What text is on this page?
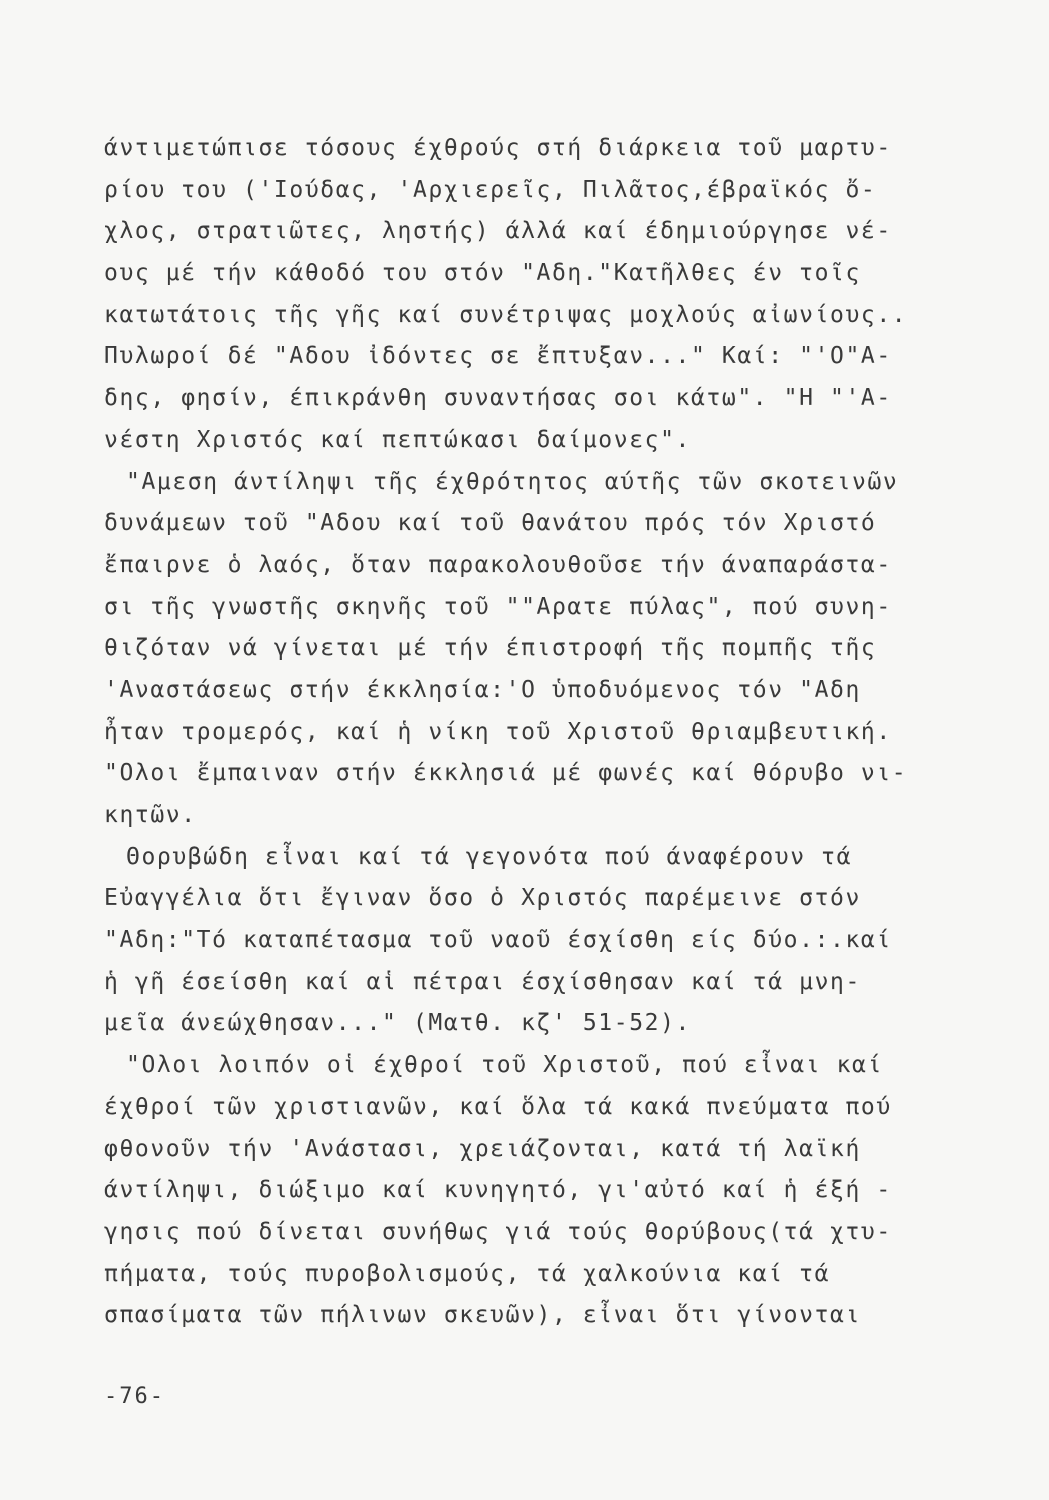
άντιμετώπισε τόσους έχθρούς στή διάρκεια τοῦ μαρτυ-
ρίου του ('Ιούδας, 'Αρχιερεῖς, Πιλᾶτος,έβραϊκός ὄ-
χλος, στρατιῶτες, ληστής) άλλά καί έδημιούργησε νέ-
ους μέ τήν κάθοδό του στόν "Αδη."Κατῆλθες έν τοῖς
κατωτάτοις τῆς γῆς καί συνέτριψας μοχλούς αἰωνίους..
Πυλωροί δέ "Αδου ἰδόντες σε ἔπτυξαν..." Καί: "'Ο"Α-
δης, φησίν, έπικράνθη συναντήσας σοι κάτω". "Η "'Α-
νέστη Χριστός καί πεπτώκασι δαίμονες".
"Αμεση άντίληψι τῆς έχθρότητος αύτῆς τῶν σκοτεινῶν
δυνάμεων τοῦ "Αδου καί τοῦ θανάτου πρός τόν Χριστό
ἔπαιρνε ὁ λαός, ὅταν παρακολουθοῦσε τήν άναπαράστα-
σι τῆς γνωστῆς σκηνῆς τοῦ ""Αρατε πύλας", πού συνη-
θιζόταν νά γίνεται μέ τήν έπιστροφή τῆς πομπῆς τῆς
'Αναστάσεως στήν έκκλησία:'Ο ὑποδυόμενος τόν "Αδη
ἦταν τρομερός, καί ἡ νίκη τοῦ Χριστοῦ θριαμβευτική.
"Ολοι ἔμπαιναν στήν έκκλησιά μέ φωνές καί θόρυβο νι-
κητῶν.
Θορυβώδη εἶναι καί τά γεγονότα πού άναφέρουν τά
Εὐαγγέλια ὅτι ἔγιναν ὅσο ὁ Χριστός παρέμεινε στόν
"Αδη:"Τό καταπέτασμα τοῦ ναοῦ έσχίσθη είς δύο.:.καί
ἡ γῆ έσείσθη καί αἱ πέτραι έσχίσθησαν καί τά μνη-
μεῖα άνεώχθησαν..." (Ματθ. κζ' 51-52).
"Ολοι λοιπόν οἱ έχθροί τοῦ Χριστοῦ, πού εἶναι καί
έχθροί τῶν χριστιανῶν, καί ὅλα τά κακά πνεύματα πού
φθονοῦν τήν 'Ανάστασι, χρειάζονται, κατά τή λαϊκή
άντίληψι, διώξιμο καί κυνηγητό, γι'αὐτό καί ἡ έξή -
γησις πού δίνεται συνήθως γιά τούς θορύβους(τά χτυ-
πήματα, τούς πυροβολισμούς, τά χαλκούνια καί τά
σπασίματα τῶν πήλινων σκευῶν), εἶναι ὅτι γίνονται
-76-
